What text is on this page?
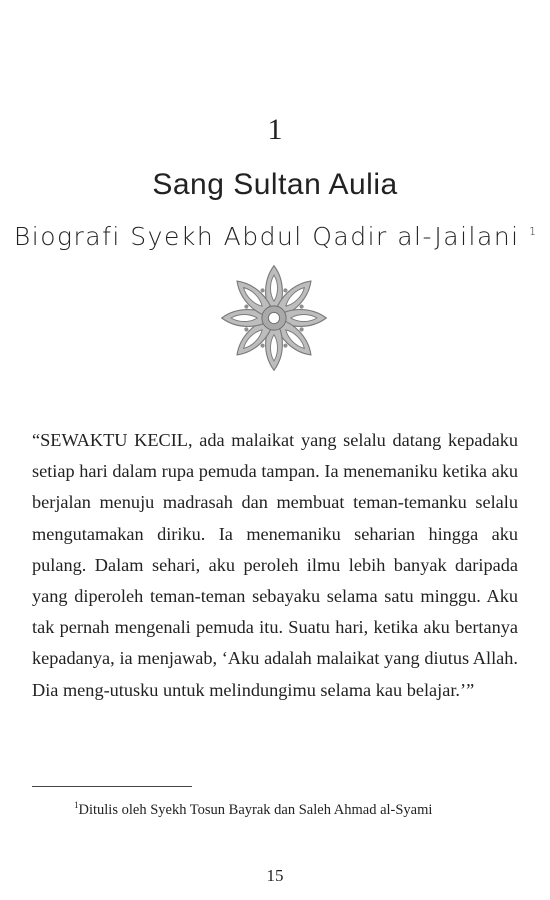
1
Sang Sultan Aulia
Biografi Syekh Abdul Qadir al-Jailani $^1$

“SEWAKTU KECIL, ada malaikat yang selalu datang kepadaku setiap hari dalam rupa pemuda tampan. Ia menemaniku ketika aku berjalan menuju madrasah dan membuat teman-temanku selalu mengutamakan diriku. Ia menemaniku seharian hingga aku pulang. Dalam sehari, aku peroleh ilmu lebih banyak daripada yang diperoleh teman-teman sebayaku selama satu minggu. Aku tak pernah mengenali pemuda itu. Suatu hari, ketika aku bertanya kepadanya, ia menjawab, ‘Aku adalah malaikat yang diutus Allah. Dia meng-utusku untuk melindungimu selama kau belajar.’”

$^1$Ditulis oleh Syekh Tosun Bayrak dan Saleh Ahmad al-Syami

15
